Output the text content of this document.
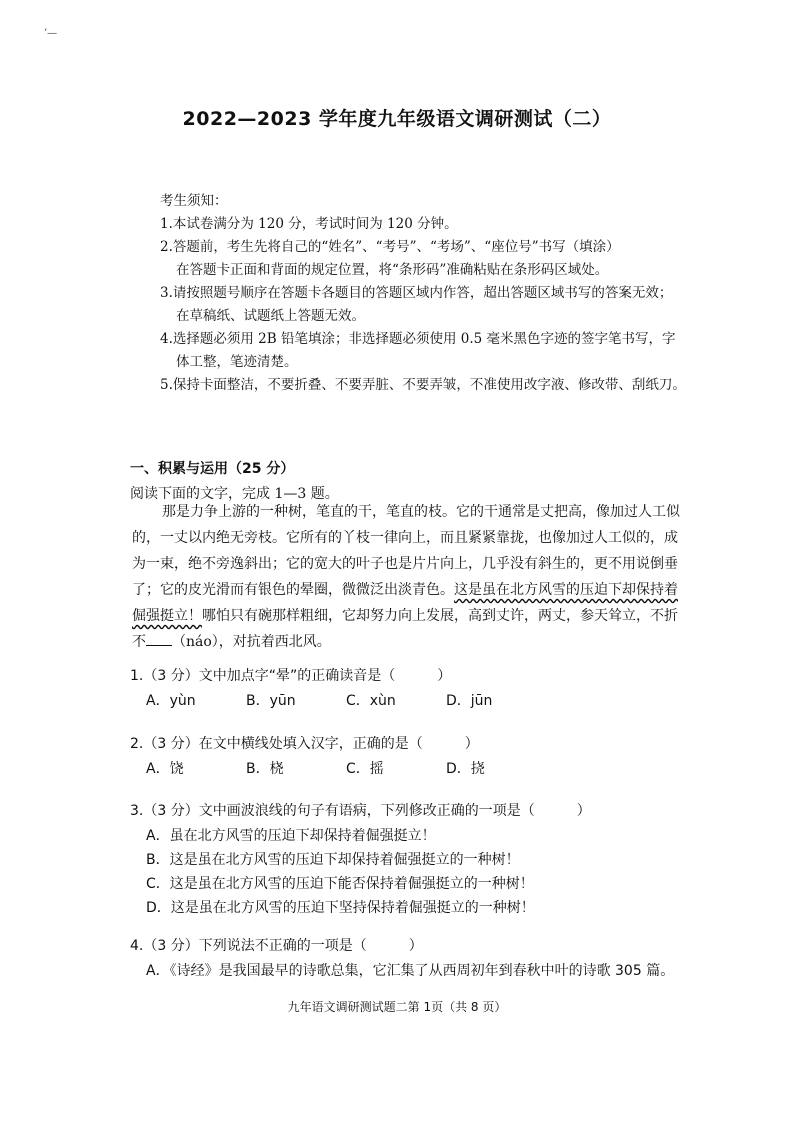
’—
2022—2023 学年度九年级语文调研测试（二）
考生须知：
1.本试卷满分为 120 分，考试时间为 120 分钟。
2.答题前，考生先将自己的“姓名”、“考号”、“考场”、“座位号”书写（填涂）
在答题卡正面和背面的规定位置，将“条形码”准确粘贴在条形码区域处。
3.请按照题号顺序在答题卡各题目的答题区域内作答，超出答题区域书写的答案无效；
在草稿纸、试题纸上答题无效。
4.选择题必须用 2B 铅笔填涂；非选择题必须使用 0.5 毫米黑色字迹的签字笔书写，字
体工整，笔迹清楚。
5.保持卡面整洁，不要折叠、不要弄脏、不要弄皱，不准使用改字液、修改带、刮纸刀。
一、积累与运用（25 分）
阅读下面的文字，完成 1—3 题。
那是力争上游的一种树，笔直的干，笔直的枝。它的干通常是丈把高，像加过人工似
的，一丈以内绝无旁枝。它所有的丫枝一律向上，而且紧紧靠拢，也像加过人工似的，成
为一束，绝不旁逸斜出；它的宽大的叶子也是片片向上，几乎没有斜生的，更不用说倒垂
了；它的皮光滑而有银色的晕圈，微微泛出淡青色。这是虽在北方风雪的压迫下却保持着
倔强挺立！哪怕只有碗那样粗细，它却努力向上发展，高到丈许，两丈，参天耸立，不折
不 （náo），对抗着西北风。
1.（3 分）文中加点字“晕”的正确读音是（　　　）
A．yùn	B．yūn	C．xùn	D．jūn
2.（3 分）在文中横线处填入汉字，正确的是（　　　）
A．饶	B．桡	C．摇	D．挠
3.（3 分）文中画波浪线的句子有语病，下列修改正确的一项是（　　　）
A．虽在北方风雪的压迫下却保持着倔强挺立！
B．这是虽在北方风雪的压迫下却保持着倔强挺立的一种树！
C．这是虽在北方风雪的压迫下能否保持着倔强挺立的一种树！
D．这是虽在北方风雪的压迫下坚持保持着倔强挺立的一种树！
4.（3 分）下列说法不正确的一项是（　　　）
A．《诗经》是我国最早的诗歌总集，它汇集了从西周初年到春秋中叶的诗歌 305 篇。
九年语文调研测试题二第 1页（共 8 页）
